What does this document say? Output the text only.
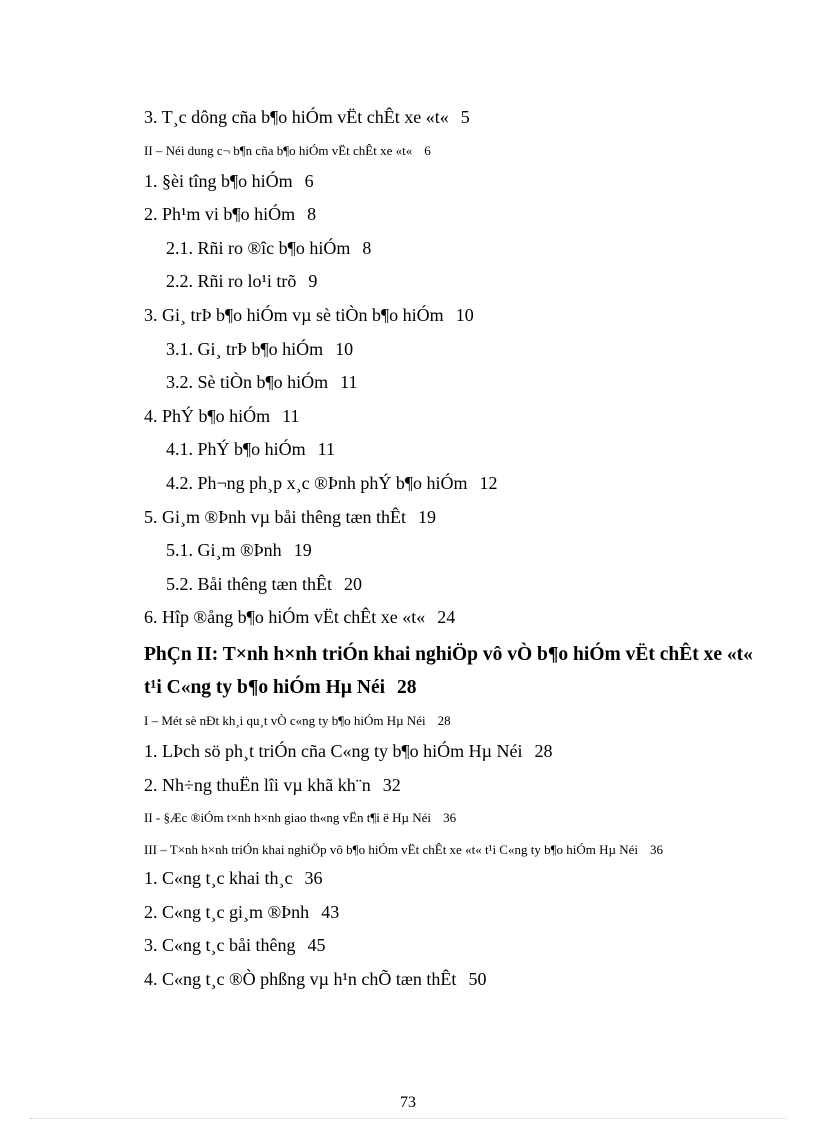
3. T¸c dông cña b¶o hiÓm vËt chÊt xe «t« 5
II – Néi dung c¬ b¶n cña b¶o hiÓm vËt chÊt xe «t« 6
1. §èi tîng b¶o hiÓm 6
2. Ph¹m vi b¶o hiÓm 8
2.1. Rñi ro ®îc b¶o hiÓm 8
2.2. Rñi ro lo¹i trõ 9
3. Gi¸ trÞ b¶o hiÓm vµ sè tiÒn b¶o hiÓm 10
3.1. Gi¸ trÞ b¶o hiÓm 10
3.2. Sè tiÒn b¶o hiÓm 11
4. PhÝ b¶o hiÓm 11
4.1. PhÝ b¶o hiÓm 11
4.2. Ph¬ng ph¸p x¸c ®Þnh phÝ b¶o hiÓm 12
5. Gi¸m ®Þnh vµ båi thêng tæn thÊt 19
5.1. Gi¸m ®Þnh 19
5.2. Båi thêng tæn thÊt 20
6. Hîp ®ång b¶o hiÓm vËt chÊt xe «t« 24
PhÇn II: T×nh h×nh triÓn khai nghiÖp vô vÒ b¶o hiÓm vËt chÊt xe «t« t¹i C«ng ty b¶o hiÓm Hµ Néi 28
I – Mét sè nÐt kh¸i qu¸t vÒ c«ng ty b¶o hiÓm Hµ Néi 28
1. LÞch sö ph¸t triÓn cña C«ng ty b¶o hiÓm Hµ Néi 28
2. Nh÷ng thuËn lîi vµ khã kh¨n 32
II - §Æc ®iÓm t×nh h×nh giao th«ng vËn t¶i ë Hµ Néi 36
III – T×nh h×nh triÓn khai nghiÖp vô b¶o hiÓm vËt chÊt xe «t« t¹i C«ng ty b¶o hiÓm Hµ Néi 36
1. C«ng t¸c khai th¸c 36
2. C«ng t¸c gi¸m ®Þnh 43
3. C«ng t¸c båi thêng 45
4. C«ng t¸c ®Ò phßng vµ h¹n chÕ tæn thÊt 50
73
